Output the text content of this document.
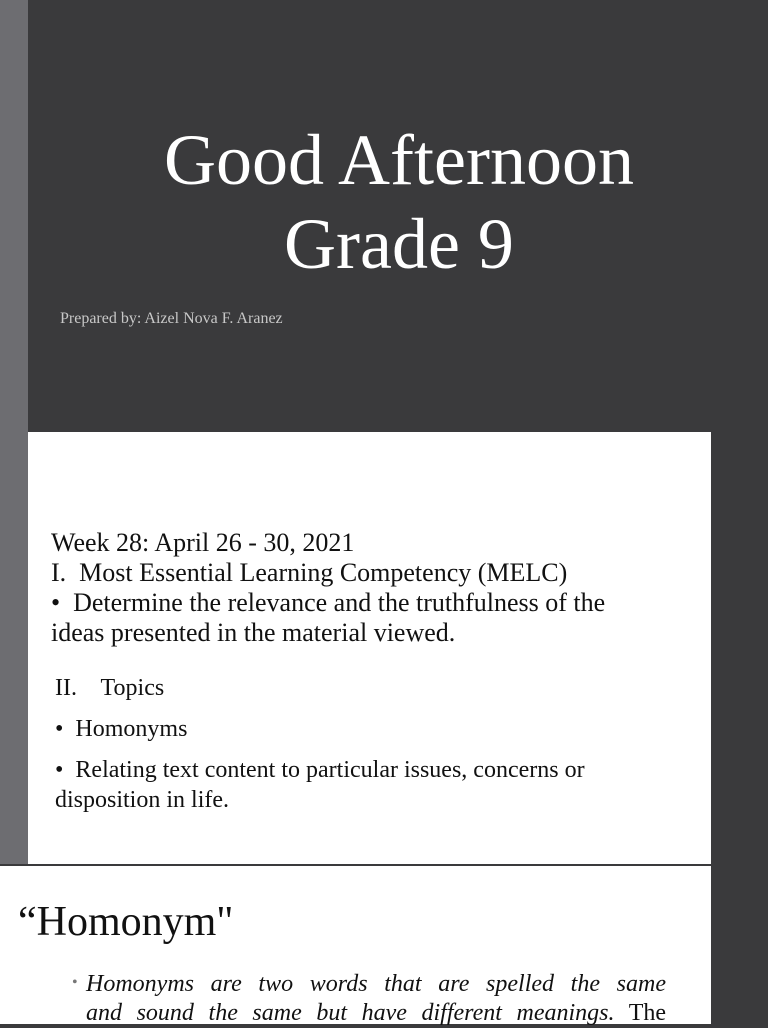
Good Afternoon
Grade 9
Prepared by: Aizel Nova F. Aranez
Week 28: April 26 - 30, 2021
I.  Most Essential Learning Competency (MELC)
•  Determine the relevance and the truthfulness of the
ideas presented in the material viewed.
II.    Topics
•  Homonyms
•  Relating text content to particular issues, concerns or
disposition in life.
“Homonym"
• Homonyms are two words that are spelled the same
and sound the same but have different meanings. The
